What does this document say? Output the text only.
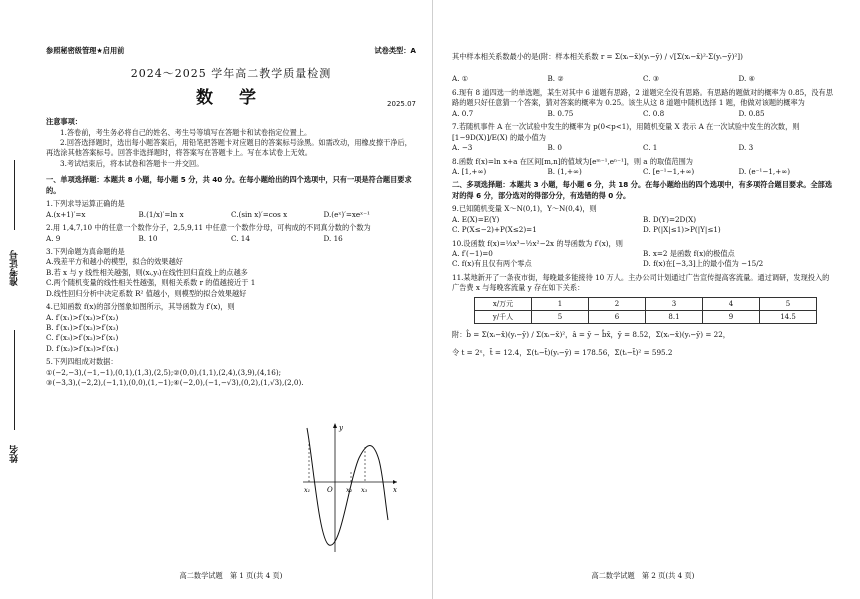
准考证号
姓名
参照秘密级管理★启用前	试卷类型：A
2024～2025 学年高二教学质量检测
数 学	2025.07
注意事项：

1.答卷前，考生务必将自己的姓名、考生号等填写在答题卡和试卷指定位置上。

2.回答选择题时，选出每小题答案后，用铅笔把答题卡对应题目的答案标号涂黑。如需改动，用橡皮擦干净后，再选涂其他答案标号。回答非选择题时，将答案写在答题卡上。写在本试卷上无效。

3.考试结束后，将本试卷和答题卡一并交回。

一、单项选择题：本题共 8 小题，每小题 5 分，共 40 分。在每小题给出的四个选项中，只有一项是符合题目要求的。

1.下列求导运算正确的是

A.(x+1)′=x	B.(1/x)′=ln x	C.(sin x)′=cos x	D.(eˣ)′=xeˣ⁻¹

2.用 1,4,7,10 中的任意一个数作分子，2,5,9,11 中任意一个数作分母，可构成的不同真分数的个数为

A. 9	B. 10	C. 14	D. 16

3.下列命题为真命题的是

A.残差平方和越小的模型，拟合的效果越好

B.若 x 与 y 线性相关越强，则(xᵢ,yᵢ)在线性回归直线上的点越多

C.两个随机变量的线性相关性越强，则相关系数 r 的值越接近于 1

D.线性回归分析中决定系数 R² 值越小，则模型的拟合效果越好

4.已知函数 f(x)的部分图象如图所示，其导函数为 f′(x)，则

A. f′(x₁)>f′(x₃)>f′(x₂)

B. f′(x₁)>f′(x₂)>f′(x₃)

C. f′(x₃)>f′(x₂)>f′(x₁)

D. f′(x₂)>f′(x₃)>f′(x₁)

5.下列四组成对数据：

①(−2,−3),(−1,−1),(0,1),(1,3),(2,5);②(0,0),(1,1),(2,4),(3,9),(4,16);

③(−3,3),(−2,2),(−1,1),(0,0),(1,−1);④(−2,0),(−1,−√3),(0,2),(1,√3),(2,0).

y
x
O
x₁	x₂ x₃
高二数学试题　第 1 页(共 4 页)

其中样本相关系数最小的是(附：样本相关系数 r = Σ(xᵢ−x̄)(yᵢ−ȳ) / √[Σ(xᵢ−x̄)²·Σ(yᵢ−ȳ)²])

A. ①	B. ②	C. ③	D. ④

6.现有 8 道四选一的单选题，某生对其中 6 道题有思路，2 道题完全没有思路。有思路的题做对的概率为 0.85，没有思路的题只好任意猜一个答案，猜对答案的概率为 0.25。该生从这 8 道题中随机选择 1 题，他做对该题的概率为

A. 0.7	B. 0.75	C. 0.8	D. 0.85

7.若随机事件 A 在一次试验中发生的概率为 p(0<p<1)，用随机变量 X 表示 A 在一次试验中发生的次数，则 [1−9D(X)]/E(X) 的最小值为

A. −3	B. 0	C. 1	D. 3

8.函数 f(x)=ln x+a 在区间[m,n]的值域为[eᵐ⁻¹,eⁿ⁻¹]，则 a 的取值范围为

A. [1,+∞)	B. (1,+∞)	C. [e⁻¹−1,+∞)	D. (e⁻¹−1,+∞)
二、多项选择题：本题共 3 小题，每小题 6 分，共 18 分。在每小题给出的四个选项中，有多项符合题目要求。全部选对的得 6 分，部分选对的得部分分，有选错的得 0 分。

9.已知随机变量 X～N(0,1)，Y～N(0,4)，则

A. E(X)=E(Y)	B. D(Y)=2D(X)
C. P(X≤−2)+P(X≤2)=1	D. P(|X|≤1)>P(|Y|≤1)

10.设函数 f(x)=⅓x³−½x²−2x 的导函数为 f′(x)，则

A. f′(−1)=0	B. x=2 是函数 f(x)的极值点
C. f(x)有且仅有两个零点	D. f(x)在[−3,3]上的最小值为 −15/2

11.某地新开了一条夜市街，每晚最多能接待 10 万人。主办公司计划通过广告宣传提高客流量。通过调研，发现投入的广告费 x 与每晚客流量 y 存在如下关系：

x/万元	1	2	3	4	5
y/千人	5	6	8.1	9	14.5

附：b̂ = Σ(xᵢ−x̄)(yᵢ−ȳ) / Σ(xᵢ−x̄)²，â = ȳ − b̂x̄，ȳ = 8.52，Σ(xᵢ−x̄)(yᵢ−ȳ) = 22，

令 t = 2ˣ，t̄ = 12.4，Σ(tᵢ−t̄)(yᵢ−ȳ) = 178.56，Σ(tᵢ−t̄)² = 595.2

高二数学试题　第 2 页(共 4 页)
